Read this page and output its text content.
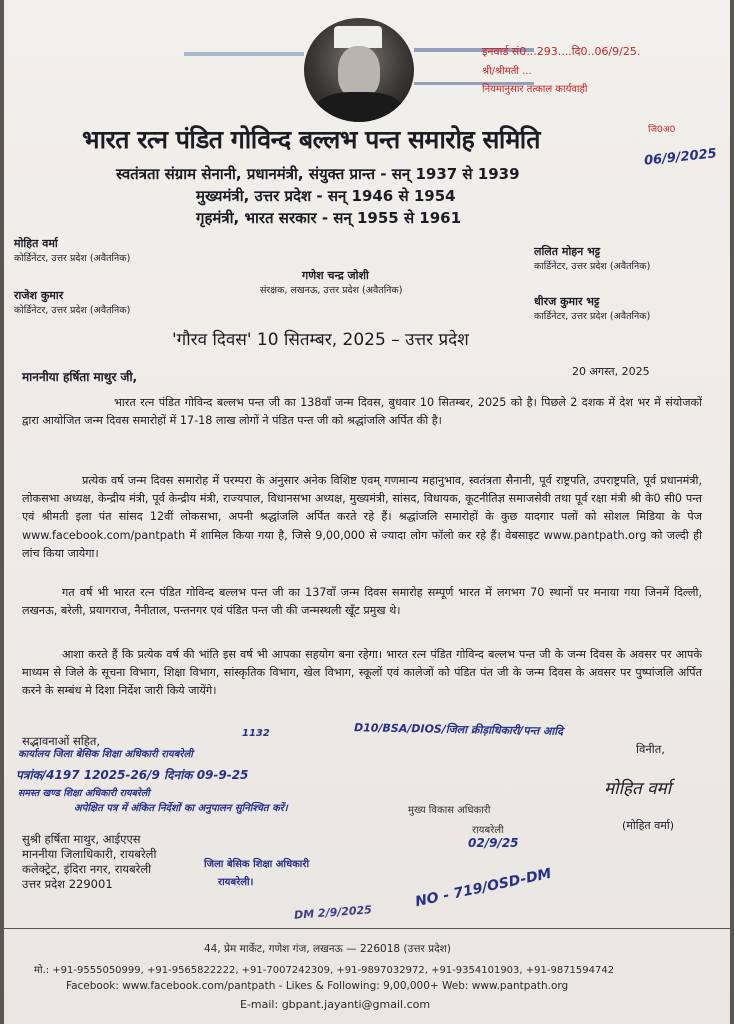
इनवार्ड सं0...293....दि0..06/9/25.
श्री/श्रीमती ...
नियमानुसार तत्काल कार्यवाही
जि0अ0
06/9/2025
भारत रत्न पंडित गोविन्द बल्लभ पन्त समारोह समिति
स्वतंत्रता संग्राम सेनानी, प्रधानमंत्री, संयुक्त प्रान्त - सन् 1937 से 1939
मुख्यमंत्री, उत्तर प्रदेश - सन् 1946 से 1954
गृहमंत्री, भारत सरकार - सन् 1955 से 1961
मोहित वर्मा
कोर्डिनेटर, उत्तर प्रदेश (अवैतनिक)
राजेश कुमार
कोर्डिनेटर, उत्तर प्रदेश (अवैतनिक)
गणेश चन्द्र जोशी
संरक्षक, लखनऊ, उत्तर प्रदेश (अवैतनिक)
ललित मोहन भट्ट
कार्डिनेटर, उत्तर प्रदेश (अवैतनिक)
धीरज कुमार भट्ट
कार्डिनेटर, उत्तर प्रदेश (अवैतनिक)
'गौरव दिवस' 10 सितम्बर, 2025 – उत्तर प्रदेश
माननीया हर्षिता माथुर जी,	20 अगस्त, 2025
भारत रत्न पंडित गोविन्द बल्लभ पन्त जी का 138वाँ जन्म दिवस, बुधवार 10 सितम्बर, 2025 को है। पिछले 2 दशक में देश भर में संयोजकों द्वारा आयोजित जन्म दिवस समारोहों में 17-18 लाख लोगों ने पंडित पन्त जी को श्रद्धांजलि अर्पित की है।
प्रत्येक वर्ष जन्म दिवस समारोह में परम्परा के अनुसार अनेक विशिष्ट एवम् गणमान्य महानुभाव, स्वतंत्रता सैनानी, पूर्व राष्ट्रपति, उपराष्ट्रपति, पूर्व प्रधानमंत्री, लोकसभा अध्यक्ष, केन्द्रीय मंत्री, पूर्व केन्द्रीय मंत्री, राज्यपाल, विधानसभा अध्यक्ष, मुख्यमंत्री, सांसद, विधायक, कूटनीतिज्ञ समाजसेवी तथा पूर्व रक्षा मंत्री श्री के0 सी0 पन्त एवं श्रीमती इला पंत सांसद 12वीं लोकसभा, अपनी श्रद्धांजलि अर्पित करते रहे हैं। श्रद्धांजलि समारोहों के कुछ यादगार पलों को सोशल मिडिया के पेज www.facebook.com/pantpath में शामिल किया गया है, जिसे 9,00,000 से ज्यादा लोग फॉलो कर रहे हैं। वेबसाइट www.pantpath.org को जल्दी ही लांच किया जायेगा।
गत वर्ष भी भारत रत्न पंडित गोविन्द बल्लभ पन्त जी का 137वाँ जन्म दिवस समारोह सम्पूर्ण भारत में लगभग 70 स्थानों पर मनाया गया जिनमें दिल्ली, लखनऊ, बरेली, प्रयागराज, नैनीताल, पन्तनगर एवं पंडित पन्त जी की जन्मस्थली खूँट प्रमुख थे।
आशा करते हैं कि प्रत्येक वर्ष की भांति इस वर्ष भी आपका सहयोग बना रहेगा। भारत रत्न पंडित गोविन्द बल्लभ पन्त जी के जन्म दिवस के अवसर पर आपके माध्यम से जिले के सूचना विभाग, शिक्षा विभाग, सांस्कृतिक विभाग, खेल विभाग, स्कूलों एवं कालेजों को पंडित पंत जी के जन्म दिवस के अवसर पर पुष्पांजलि अर्पित करने के सम्बंध मे दिशा निर्देश जारी किये जायेंगे।
सद्भावनाओं सहित,
विनीत,
मोहित वर्मा
(मोहित वर्मा)
D10/BSA/DIOS/जिला क्रीड़ाधिकारी/पन्त आदि
1132
कार्यालय जिला बेसिक शिक्षा अधिकारी रायबरेली
पत्रांक/4197 12025-26/9 दिनांक 09-9-25
समस्त खण्ड शिक्षा अधिकारी रायबरेली
अपेक्षित पत्र में अंकित निर्देशों का अनुपालन सुनिश्चित करें।	मुख्य विकास अधिकारी
रायबरेली
02/9/25
सुश्री हर्षिता माथुर, आईएएस
माननीया जिलाधिकारी, रायबरेली
कलेक्ट्रेट, इंदिरा नगर, रायबरेली
उत्तर प्रदेश 229001
जिला बेसिक शिक्षा अधिकारी
रायबरेली।
DM 2/9/2025
NO - 719/OSD-DM
44, प्रेम मार्केट, गणेश गंज, लखनऊ — 226018 (उत्तर प्रदेश)
मो.: +91-9555050999, +91-9565822222, +91-7007242309, +91-9897032972, +91-9354101903, +91-9871594742
Facebook: www.facebook.com/pantpath - Likes & Following: 9,00,000+ Web: www.pantpath.org
E-mail: gbpant.jayanti@gmail.com
